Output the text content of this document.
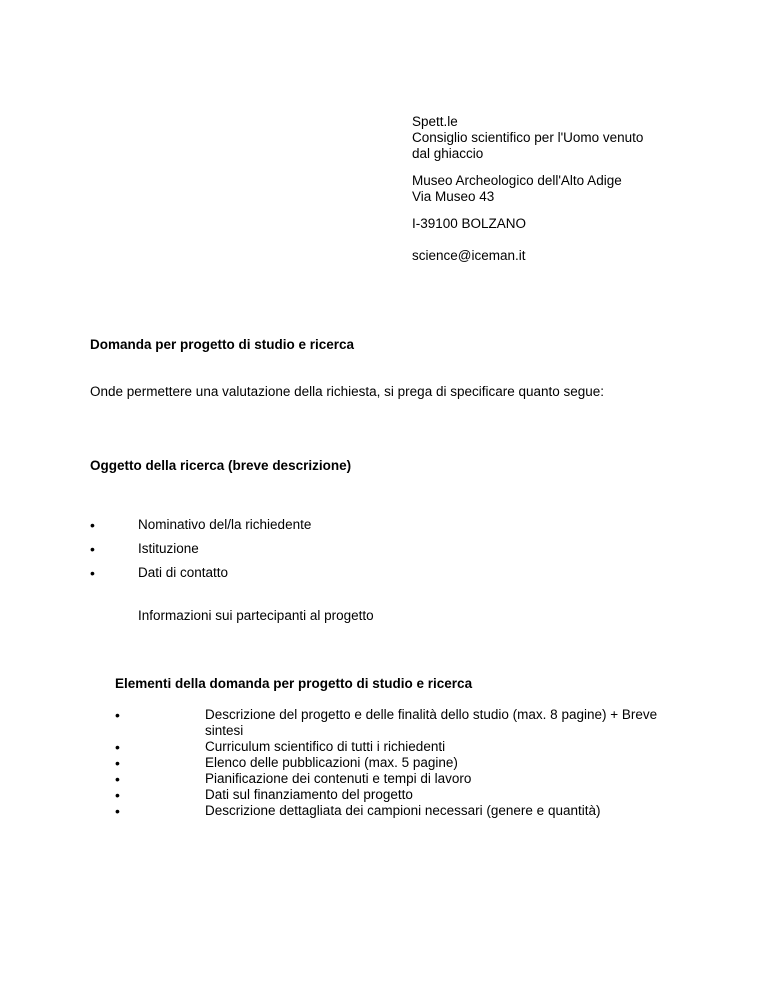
Spett.le
Consiglio scientifico per l'Uomo venuto
dal ghiaccio
Museo Archeologico dell'Alto Adige
Via Museo 43
I-39100 BOLZANO
science@iceman.it
Domanda per progetto di studio e ricerca
Onde permettere una valutazione della richiesta, si prega di specificare quanto segue:
Oggetto della ricerca (breve descrizione)
•
Nominativo del/la richiedente
•
Istituzione
•
Dati di contatto
Informazioni sui partecipanti al progetto
Elementi della domanda per progetto di studio e ricerca
•
Descrizione del progetto e delle finalità dello studio (max. 8 pagine) + Breve sintesi
•
Curriculum scientifico di tutti i richiedenti
•
Elenco delle pubblicazioni (max. 5 pagine)
•
Pianificazione dei contenuti e tempi di lavoro
•
Dati sul finanziamento del progetto
•
Descrizione dettagliata dei campioni necessari (genere e quantità)
